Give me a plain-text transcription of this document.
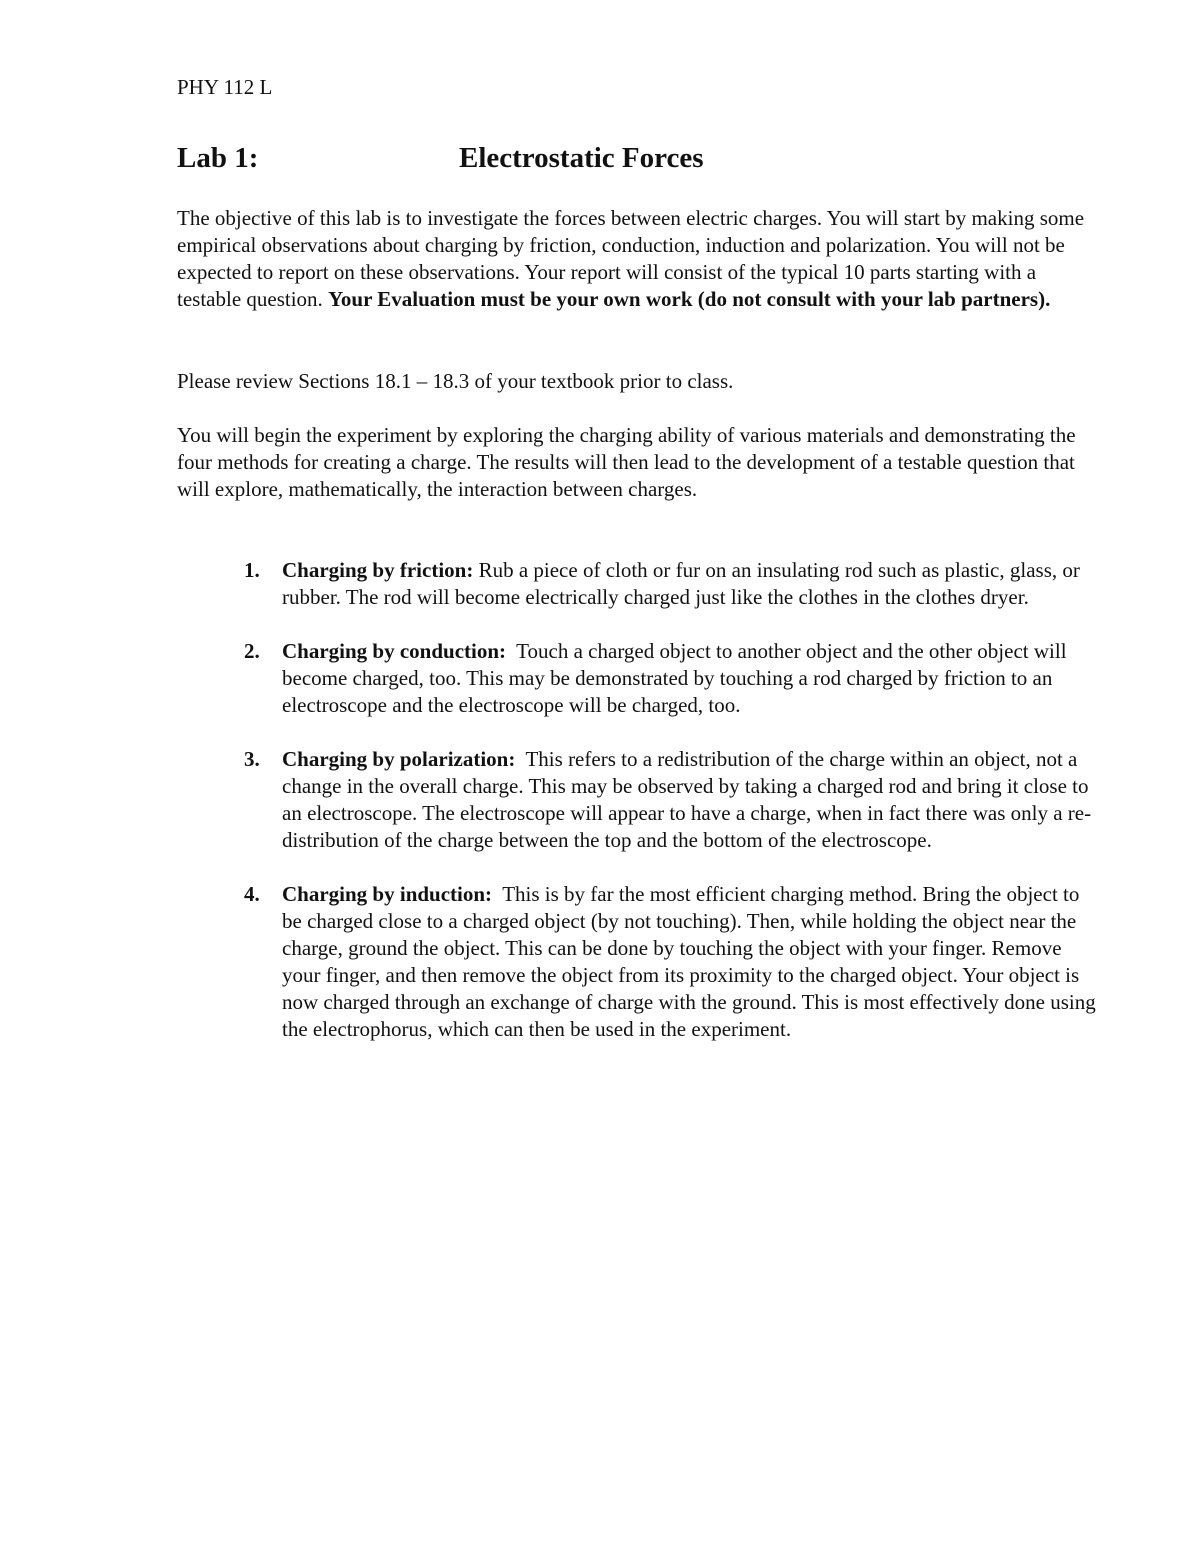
PHY 112 L
Lab 1:	Electrostatic Forces

The objective of this lab is to investigate the forces between electric charges. You will start by making some empirical observations about charging by friction, conduction, induction and polarization. You will not be expected to report on these observations. Your report will consist of the typical 10 parts starting with a testable question. Your Evaluation must be your own work (do not consult with your lab partners).

Please review Sections 18.1 – 18.3 of your textbook prior to class.

You will begin the experiment by exploring the charging ability of various materials and demonstrating the four methods for creating a charge. The results will then lead to the development of a testable question that will explore, mathematically, the interaction between charges.

1. Charging by friction: Rub a piece of cloth or fur on an insulating rod such as plastic, glass, or rubber. The rod will become electrically charged just like the clothes in the clothes dryer.
2. Charging by conduction: Touch a charged object to another object and the other object will become charged, too. This may be demonstrated by touching a rod charged by friction to an electroscope and the electroscope will be charged, too.
3. Charging by polarization: This refers to a redistribution of the charge within an object, not a change in the overall charge. This may be observed by taking a charged rod and bring it close to an electroscope. The electroscope will appear to have a charge, when in fact there was only a re-distribution of the charge between the top and the bottom of the electroscope.
4. Charging by induction: This is by far the most efficient charging method. Bring the object to be charged close to a charged object (by not touching). Then, while holding the object near the charge, ground the object. This can be done by touching the object with your finger. Remove your finger, and then remove the object from its proximity to the charged object. Your object is now charged through an exchange of charge with the ground. This is most effectively done using the electrophorus, which can then be used in the experiment.
